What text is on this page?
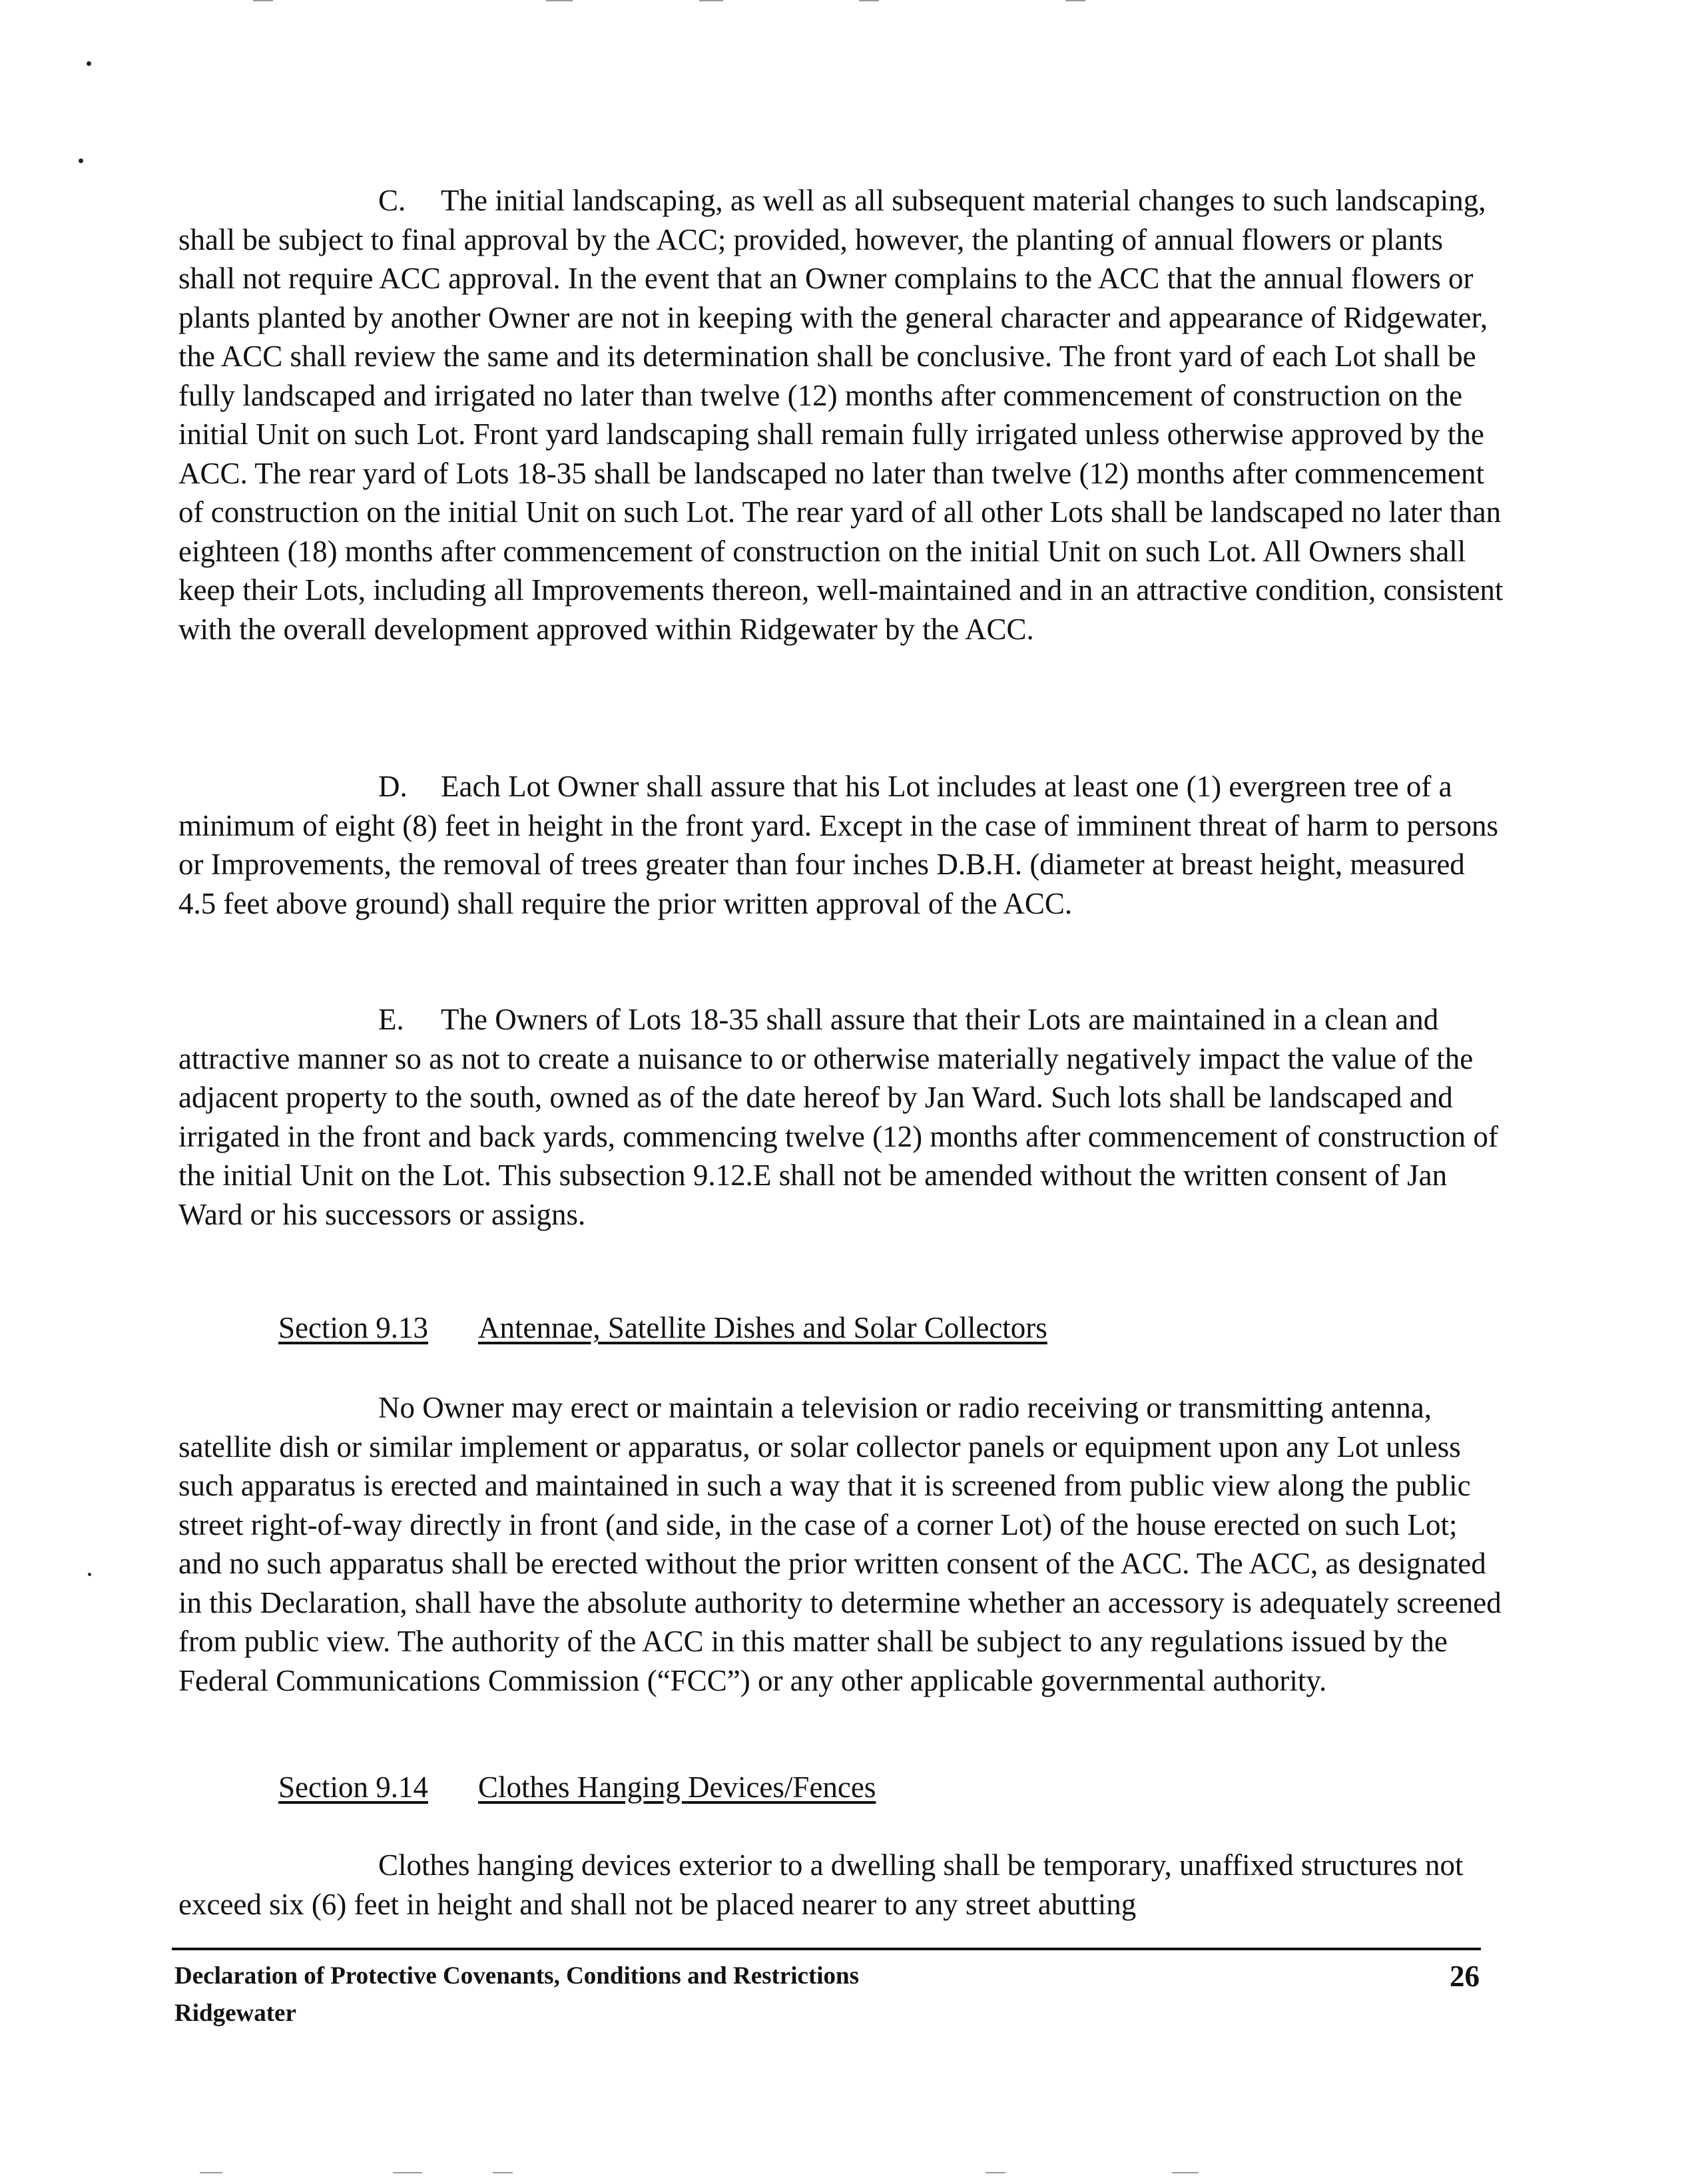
C. The initial landscaping, as well as all subsequent material changes to such landscaping, shall be subject to final approval by the ACC; provided, however, the planting of annual flowers or plants shall not require ACC approval. In the event that an Owner complains to the ACC that the annual flowers or plants planted by another Owner are not in keeping with the general character and appearance of Ridgewater, the ACC shall review the same and its determination shall be conclusive. The front yard of each Lot shall be fully landscaped and irrigated no later than twelve (12) months after commencement of construction on the initial Unit on such Lot. Front yard landscaping shall remain fully irrigated unless otherwise approved by the ACC. The rear yard of Lots 18-35 shall be landscaped no later than twelve (12) months after commencement of construction on the initial Unit on such Lot. The rear yard of all other Lots shall be landscaped no later than eighteen (18) months after commencement of construction on the initial Unit on such Lot. All Owners shall keep their Lots, including all Improvements thereon, well-maintained and in an attractive condition, consistent with the overall development approved within Ridgewater by the ACC.

D. Each Lot Owner shall assure that his Lot includes at least one (1) evergreen tree of a minimum of eight (8) feet in height in the front yard. Except in the case of imminent threat of harm to persons or Improvements, the removal of trees greater than four inches D.B.H. (diameter at breast height, measured 4.5 feet above ground) shall require the prior written approval of the ACC.

E. The Owners of Lots 18-35 shall assure that their Lots are maintained in a clean and attractive manner so as not to create a nuisance to or otherwise materially negatively impact the value of the adjacent property to the south, owned as of the date hereof by Jan Ward. Such lots shall be landscaped and irrigated in the front and back yards, commencing twelve (12) months after commencement of construction of the initial Unit on the Lot. This subsection 9.12.E shall not be amended without the written consent of Jan Ward or his successors or assigns.

Section 9.13 Antennae, Satellite Dishes and Solar Collectors

No Owner may erect or maintain a television or radio receiving or transmitting antenna, satellite dish or similar implement or apparatus, or solar collector panels or equipment upon any Lot unless such apparatus is erected and maintained in such a way that it is screened from public view along the public street right-of-way directly in front (and side, in the case of a corner Lot) of the house erected on such Lot; and no such apparatus shall be erected without the prior written consent of the ACC. The ACC, as designated in this Declaration, shall have the absolute authority to determine whether an accessory is adequately screened from public view. The authority of the ACC in this matter shall be subject to any regulations issued by the Federal Communications Commission (“FCC”) or any other applicable governmental authority.

Section 9.14 Clothes Hanging Devices/Fences

Clothes hanging devices exterior to a dwelling shall be temporary, unaffixed structures not exceed six (6) feet in height and shall not be placed nearer to any street abutting

Declaration of Protective Covenants, Conditions and Restrictions
Ridgewater
26
